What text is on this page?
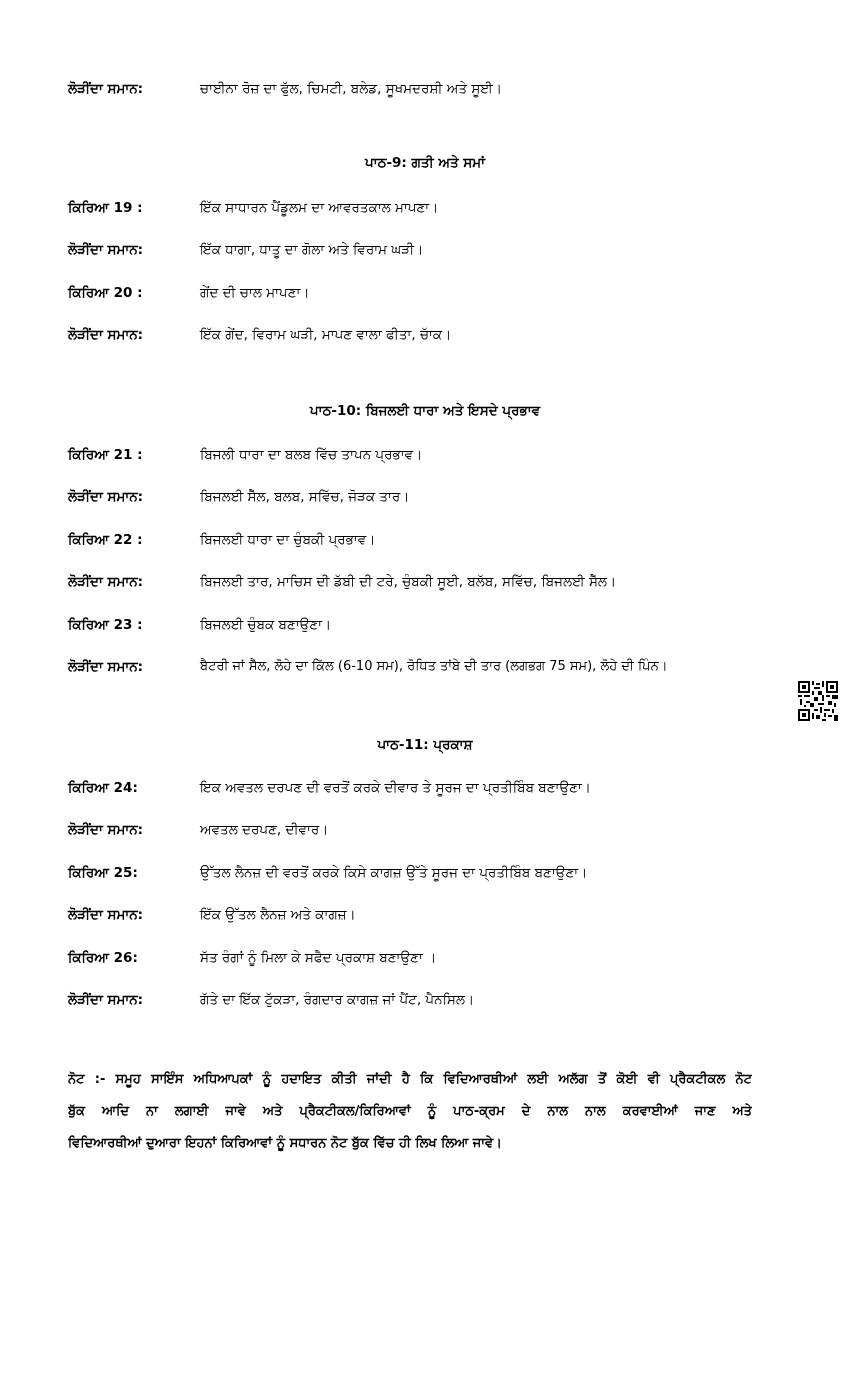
ਲੋੜੀਂਦਾ ਸਮਾਨ:	ਚਾਈਨਾ ਰੋਜ਼ ਦਾ ਫੁੱਲ, ਚਿਮਟੀ, ਬਲੇਡ, ਸੂਖਮਦਰਸ਼ੀ ਅਤੇ ਸੂਈ।
ਪਾਠ-9: ਗਤੀ ਅਤੇ ਸਮਾਂ
ਕਿਰਿਆ 19 :	ਇੱਕ ਸਾਧਾਰਨ ਪੈਂਡੂਲਮ ਦਾ ਆਵਰਤਕਾਲ ਮਾਪਣਾ।
ਲੋੜੀਂਦਾ ਸਮਾਨ:	ਇੱਕ ਧਾਗਾ, ਧਾਤੂ ਦਾ ਗੋਲਾ ਅਤੇ ਵਿਰਾਮ ਘੜੀ।
ਕਿਰਿਆ 20 :	ਗੇਂਦ ਦੀ ਚਾਲ ਮਾਪਣਾ।
ਲੋੜੀਂਦਾ ਸਮਾਨ:	ਇੱਕ ਗੇਂਦ, ਵਿਰਾਮ ਘੜੀ, ਮਾਪਣ ਵਾਲਾ ਫੀਤਾ, ਚਾੱਕ।
ਪਾਠ-10: ਬਿਜਲਈ ਧਾਰਾ ਅਤੇ ਇਸਦੇ ਪ੍ਰਭਾਵ
ਕਿਰਿਆ 21 :	ਬਿਜਲੀ ਧਾਰਾ ਦਾ ਬਲਬ ਵਿੱਚ ਤਾਪਨ ਪ੍ਰਭਾਵ।
ਲੋੜੀਂਦਾ ਸਮਾਨ:	ਬਿਜਲਈ ਸੈੱਲ, ਬਲਬ, ਸਵਿੱਚ, ਜੋੜਕ ਤਾਰ।
ਕਿਰਿਆ 22 :	ਬਿਜਲਈ ਧਾਰਾ ਦਾ ਚੁੰਬਕੀ ਪ੍ਰਭਾਵ।
ਲੋੜੀਂਦਾ ਸਮਾਨ:	ਬਿਜਲਈ ਤਾਰ, ਮਾਚਿਸ ਦੀ ਡੱਬੀ ਦੀ ਟਰੇ, ਚੁੰਬਕੀ ਸੂਈ, ਬਲੱਬ, ਸਵਿੱਚ, ਬਿਜਲਈ ਸੈੱਲ।
ਕਿਰਿਆ 23 :	ਬਿਜਲਈ ਚੁੰਬਕ ਬਣਾਉਣਾ।
ਲੋੜੀਂਦਾ ਸਮਾਨ:	ਬੈਟਰੀ ਜਾਂ ਸੈੱਲ, ਲੋਹੇ ਦਾ ਕਿੱਲ (6-10 ਸਮ), ਰੋਧਿਤ ਤਾਂਬੇ ਦੀ ਤਾਰ (ਲਗਭਗ 75 ਸਮ), ਲੋਹੇ ਦੀ ਪਿੰਨ।
ਪਾਠ-11: ਪ੍ਰਕਾਸ਼
ਕਿਰਿਆ 24:	ਇਕ ਅਵਤਲ ਦਰਪਣ ਦੀ ਵਰਤੋਂ ਕਰਕੇ ਦੀਵਾਰ ਤੇ ਸੂਰਜ ਦਾ ਪ੍ਰਤੀਬਿੰਬ ਬਣਾਉਣਾ।
ਲੋੜੀਂਦਾ ਸਮਾਨ:	ਅਵਤਲ ਦਰਪਣ, ਦੀਵਾਰ।
ਕਿਰਿਆ 25:	ਉੱਤਲ ਲੈਨਜ਼ ਦੀ ਵਰਤੋਂ ਕਰਕੇ ਕਿਸੇ ਕਾਗਜ਼ ਉੱਤੇ ਸੂਰਜ ਦਾ ਪ੍ਰਤੀਬਿੰਬ ਬਣਾਉਣਾ।
ਲੋੜੀਂਦਾ ਸਮਾਨ:	ਇੱਕ ਉੱਤਲ ਲੈਨਜ਼ ਅਤੇ ਕਾਗਜ਼।
ਕਿਰਿਆ 26:	ਸੱਤ ਰੰਗਾਂ ਨੂੰ ਮਿਲਾ ਕੇ ਸਫੈਦ ਪ੍ਰਕਾਸ਼ ਬਣਾਉਣਾ ।
ਲੋੜੀਂਦਾ ਸਮਾਨ:	ਗੱਤੇ ਦਾ ਇੱਕ ਟੁੱਕੜਾ, ਰੰਗਦਾਰ ਕਾਗਜ਼ ਜਾਂ ਪੈਂਟ, ਪੈਨਸਿਲ।
ਨੋਟ :- ਸਮੂਹ ਸਾਇੰਸ ਅਧਿਆਪਕਾਂ ਨੂੰ ਹਦਾਇਤ ਕੀਤੀ ਜਾਂਦੀ ਹੈ ਕਿ ਵਿਦਿਆਰਥੀਆਂ ਲਈ ਅਲੱਗ ਤੋਂ ਕੋਈ ਵੀ ਪ੍ਰੈਕਟੀਕਲ ਨੋਟ
ਬੁੱਕ ਆਦਿ ਨਾ ਲਗਾਈ ਜਾਵੇ ਅਤੇ ਪ੍ਰੈਕਟੀਕਲ/ਕਿਰਿਆਵਾਂ ਨੂੰ ਪਾਠ-ਕ੍ਰਮ ਦੇ ਨਾਲ ਨਾਲ ਕਰਵਾਈਆਂ ਜਾਣ ਅਤੇ
ਵਿਦਿਆਰਥੀਆਂ ਦੁਆਰਾ ਇਹਨਾਂ ਕਿਰਿਆਵਾਂ ਨੂੰ ਸਧਾਰਨ ਨੋਟ ਬੁੱਕ ਵਿੱਚ ਹੀ ਲਿਖ ਲਿਆ ਜਾਵੇ।
